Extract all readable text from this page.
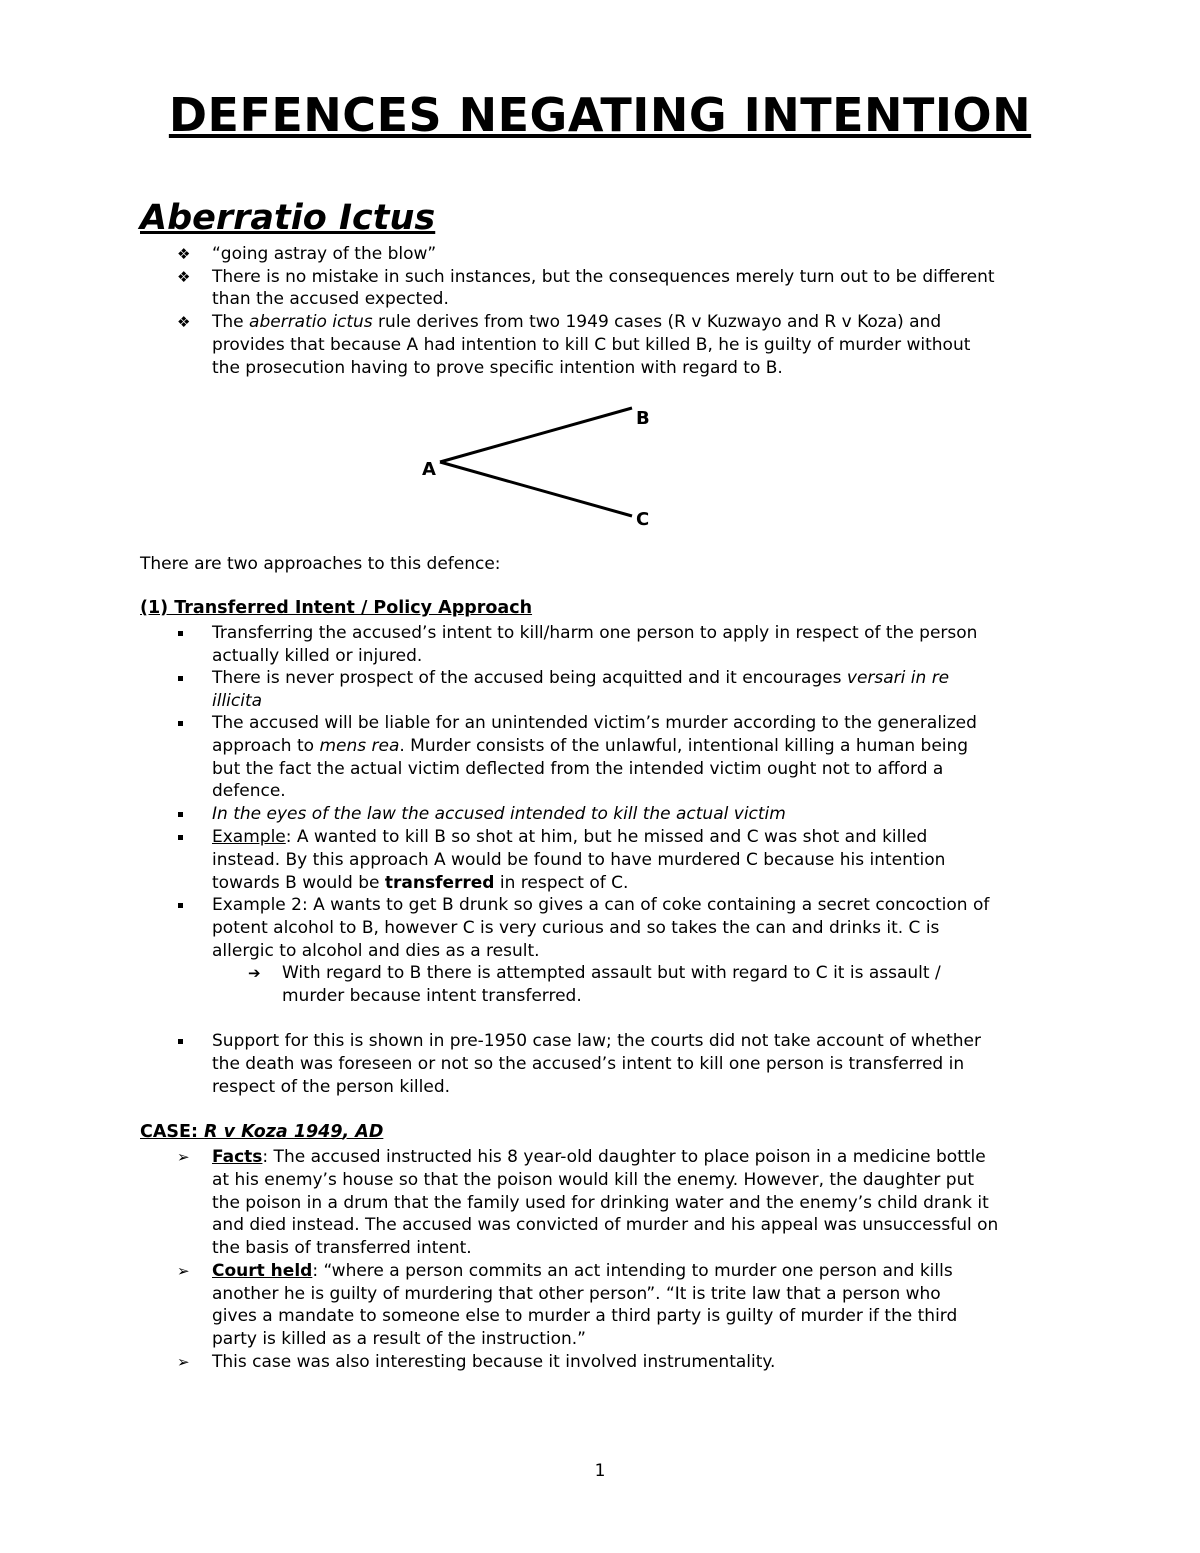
DEFENCES NEGATING INTENTION
Aberratio Ictus
❖ “going astray of the blow”

❖ There is no mistake in such instances, but the consequences merely turn out to be different

than the accused expected.

❖ The aberratio ictus rule derives from two 1949 cases (R v Kuzwayo and R v Koza) and

provides that because A had intention to kill C but killed B, he is guilty of murder without

the prosecution having to prove specific intention with regard to B.

A
B
C

There are two approaches to this defence:

(1) Transferred Intent / Policy Approach

Transferring the accused’s intent to kill/harm one person to apply in respect of the person

actually killed or injured.

There is never prospect of the accused being acquitted and it encourages versari in re

illicita

The accused will be liable for an unintended victim’s murder according to the generalized

approach to mens rea. Murder consists of the unlawful, intentional killing a human being

but the fact the actual victim deflected from the intended victim ought not to afford a

defence.

In the eyes of the law the accused intended to kill the actual victim

Example: A wanted to kill B so shot at him, but he missed and C was shot and killed

instead. By this approach A would be found to have murdered C because his intention

towards B would be transferred in respect of C.

Example 2: A wants to get B drunk so gives a can of coke containing a secret concoction of

potent alcohol to B, however C is very curious and so takes the can and drinks it. C is

allergic to alcohol and dies as a result.

➔ With regard to B there is attempted assault but with regard to C it is assault /

murder because intent transferred.

Support for this is shown in pre-1950 case law; the courts did not take account of whether

the death was foreseen or not so the accused’s intent to kill one person is transferred in

respect of the person killed.

CASE: R v Koza 1949, AD

➢ Facts: The accused instructed his 8 year-old daughter to place poison in a medicine bottle

at his enemy’s house so that the poison would kill the enemy. However, the daughter put

the poison in a drum that the family used for drinking water and the enemy’s child drank it

and died instead. The accused was convicted of murder and his appeal was unsuccessful on

the basis of transferred intent.

➢ Court held: “where a person commits an act intending to murder one person and kills

another he is guilty of murdering that other person”. “It is trite law that a person who

gives a mandate to someone else to murder a third party is guilty of murder if the third

party is killed as a result of the instruction.”

➢ This case was also interesting because it involved instrumentality.

1
